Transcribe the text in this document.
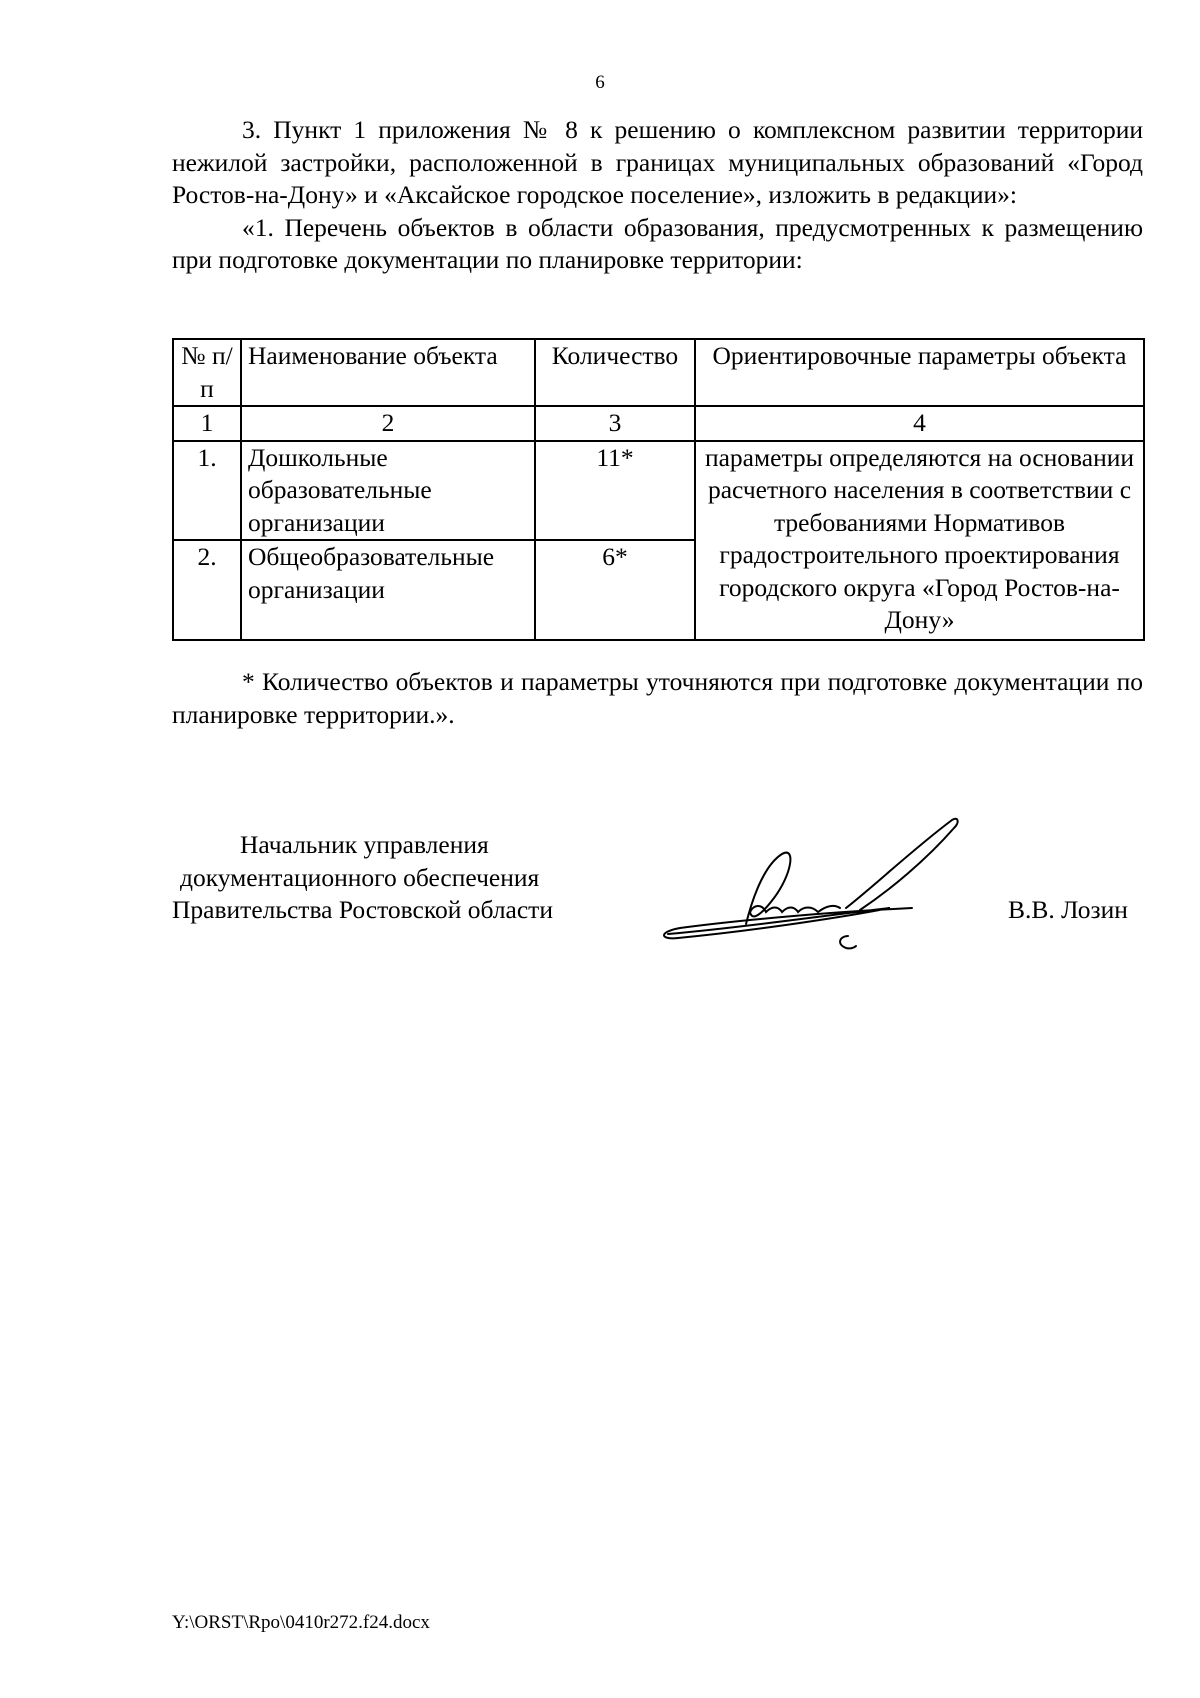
6

3. Пункт 1 приложения № 8 к решению о комплексном развитии территории нежилой застройки, расположенной в границах муниципальных образований «Город Ростов-на-Дону» и «Аксайское городское поселение», изложить в редакции»:

«1. Перечень объектов в области образования, предусмотренных к размещению при подготовке документации по планировке территории:

№ п/п	Наименование объекта	Количество	Ориентировочные параметры объекта
1	2	3	4
1.	Дошкольные образовательные организации	11*	параметры определяются на основании расчетного населения в соответствии с требованиями Нормативов градостроительного проектирования городского округа «Город Ростов-на-Дону»
2.	Общеобразовательные организации	6*	

* Количество объектов и параметры уточняются при подготовке документации по планировке территории.».

Начальник управления
документационного обеспечения
Правительства Ростовской области	В.В. Лозин
Y:\ORST\Rpo\0410r272.f24.docx
